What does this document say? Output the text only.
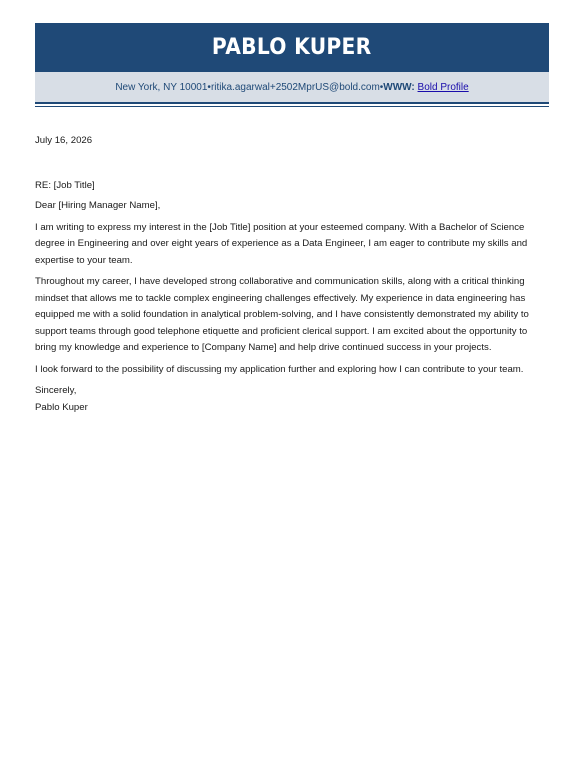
PABLO KUPER
New York, NY 10001 • ritika.agarwal+2502MprUS@bold.com • WWW:
Bold Profile

July 16, 2026

RE: [Job Title]

Dear [Hiring Manager Name],

I am writing to express my interest in the [Job Title] position at your esteemed company. With a Bachelor of Science degree in Engineering and over eight years of experience as a Data Engineer, I am eager to contribute my skills and expertise to your team.

Throughout my career, I have developed strong collaborative and communication skills, along with a critical thinking mindset that allows me to tackle complex engineering challenges effectively. My experience in data engineering has equipped me with a solid foundation in analytical problem-solving, and I have consistently demonstrated my ability to support teams through good telephone etiquette and proficient clerical support. I am excited about the opportunity to bring my knowledge and experience to [Company Name] and help drive continued success in your projects.

I look forward to the possibility of discussing my application further and exploring how I can contribute to your team.

Sincerely,

Pablo Kuper
